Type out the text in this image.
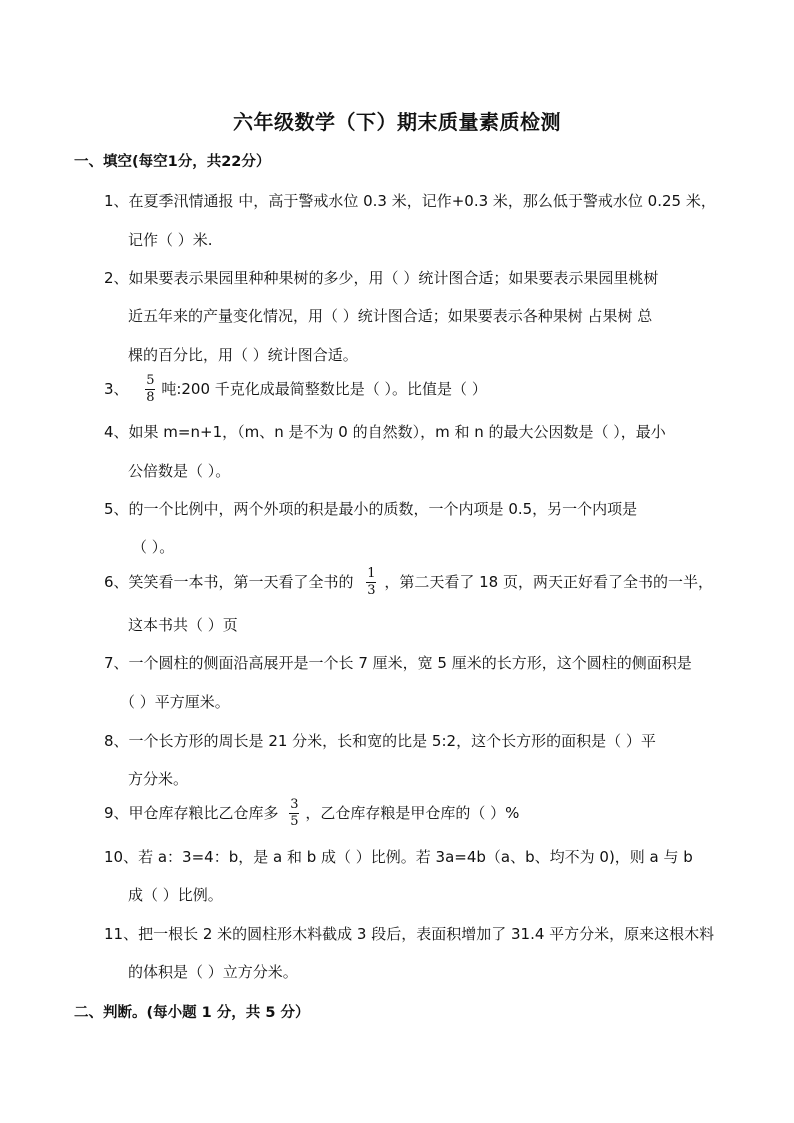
六年级数学（下）期末质量素质检测
一、填空(每空1分，共22分）
1、在夏季汛情通报 中，高于警戒水位 0.3 米，记作+0.3 米，那么低于警戒水位 0.25 米，
记作（ ）米.
2、如果要表示果园里种种果树的多少，用（ ）统计图合适；如果要表示果园里桃树
近五年来的产量变化情况，用（ ）统计图合适；如果要表示各种果树 占果树 总
棵的百分比，用（ ）统计图合适。
3、 $\frac{5}{8}$ 吨:200 千克化成最简整数比是（ ）。比值是（ ）
4、如果 m=n+1，（m、n 是不为 0 的自然数），m 和 n 的最大公因数是（ ），最小
公倍数是（ ）。
5、的一个比例中，两个外项的积是最小的质数，一个内项是 0.5，另一个内项是
（ ）。
6、笑笑看一本书，第一天看了全书的 $\frac{1}{3}$ ，第二天看了 18 页，两天正好看了全书的一半，
这本书共（ ）页
7、一个圆柱的侧面沿高展开是一个长 7 厘米，宽 5 厘米的长方形，这个圆柱的侧面积是
（ ）平方厘米。
8、一个长方形的周长是 21 分米，长和宽的比是 5:2，这个长方形的面积是（ ）平
方分米。
9、甲仓库存粮比乙仓库多 $\frac{3}{5}$ ，乙仓库存粮是甲仓库的（ ）%
10、若 a：3=4：b，是 a 和 b 成（ ）比例。若 3a=4b（a、b、均不为 0)，则 a 与 b
成（ ）比例。
11、把一根长 2 米的圆柱形木料截成 3 段后，表面积增加了 31.4 平方分米，原来这根木料
的体积是（ ）立方分米。
二、判断。(每小题 1 分，共 5 分）
